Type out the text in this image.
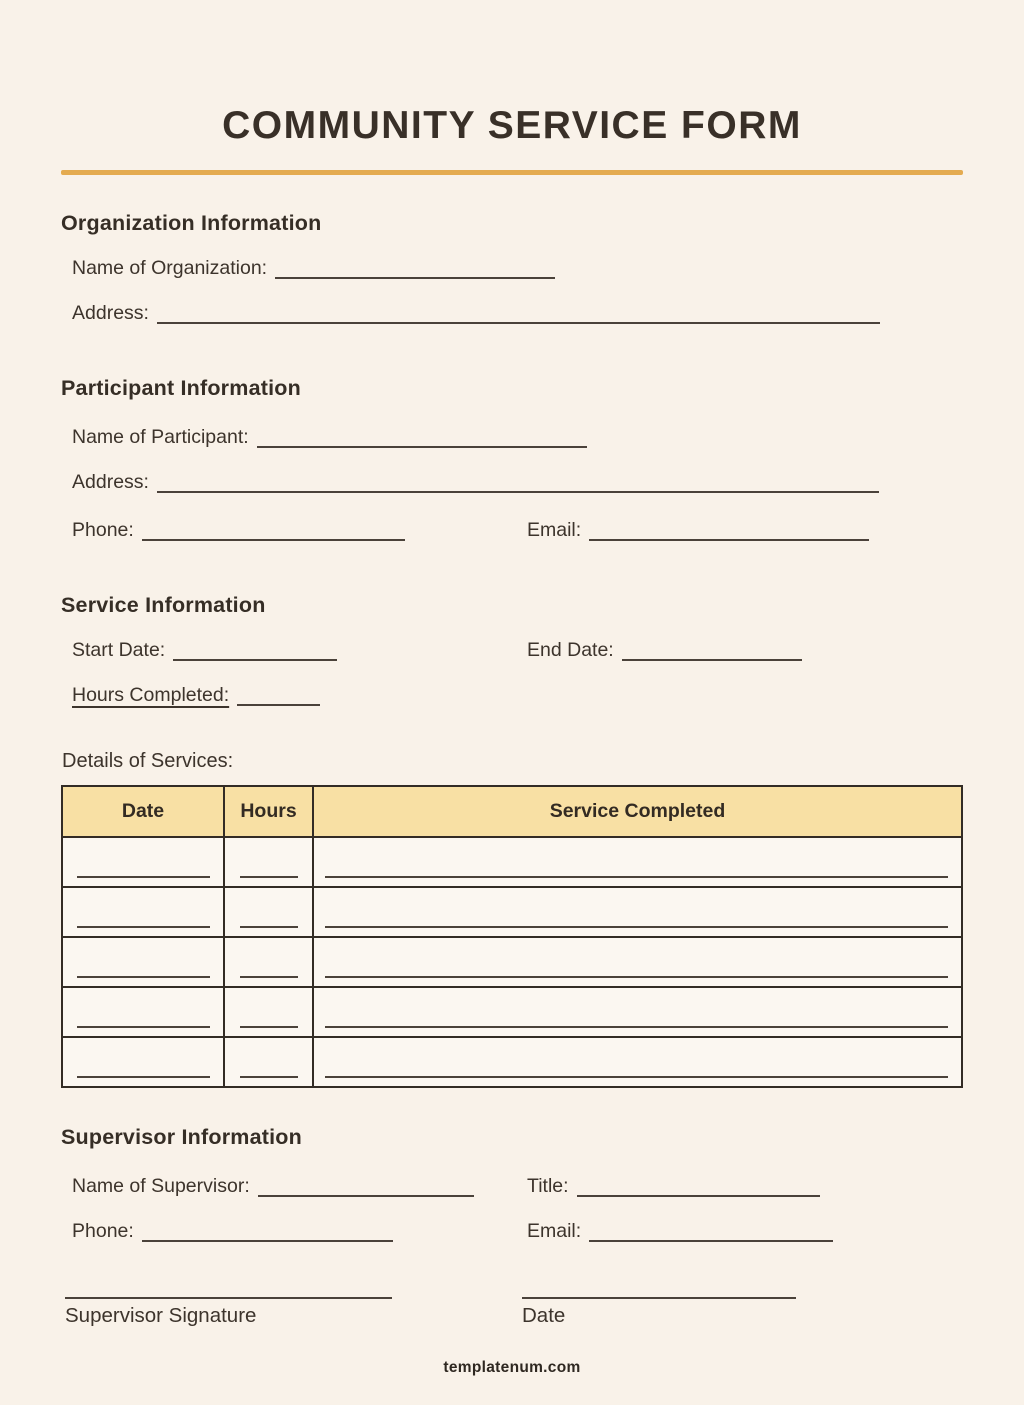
COMMUNITY SERVICE FORM
Organization Information
Name of Organization:
Address:
Participant Information
Name of Participant:
Address:
Phone:	Email:
Service Information
Start Date:	End Date:
Hours Completed:
Details of Services:
Date	Hours	Service Completed

Supervisor Information
Name of Supervisor:	Title:
Phone:	Email:
Supervisor Signature	Date
templatenum.com
